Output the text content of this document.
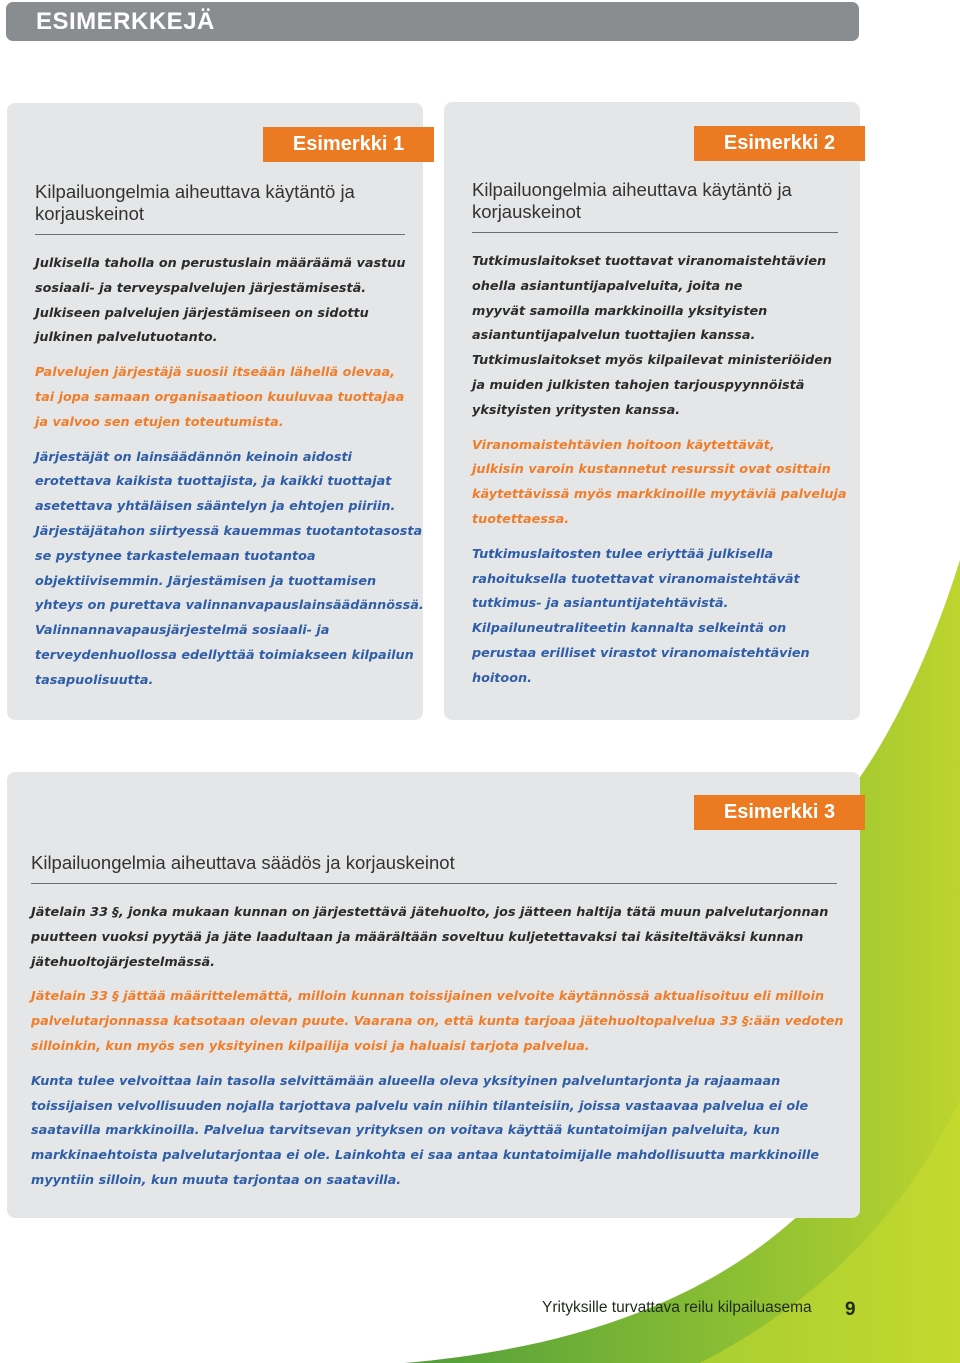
ESIMERKKEJÄ
Esimerkki 1
Kilpailuongelmia aiheuttava käytäntö ja
korjauskeinot

Julkisella taholla on perustuslain määräämä vastuu
sosiaali- ja terveyspalvelujen järjestämisestä.
Julkiseen palvelujen järjestämiseen on sidottu
julkinen palvelutuotanto.

Palvelujen järjestäjä suosii itseään lähellä olevaa,
tai jopa samaan organisaatioon kuuluvaa tuottajaa
ja valvoo sen etujen toteutumista.

Järjestäjät on lainsäädännön keinoin aidosti
erotettava kaikista tuottajista, ja kaikki tuottajat
asetettava yhtäläisen sääntelyn ja ehtojen piiriin.
Järjestäjätahon siirtyessä kauemmas tuotantotasosta
se pystynee tarkastelemaan tuotantoa
objektiivisemmin. Järjestämisen ja tuottamisen
yhteys on purettava valinnanvapauslainsäädännössä.
Valinnannavapausjärjestelmä sosiaali- ja
terveydenhuollossa edellyttää toimiakseen kilpailun
tasapuolisuutta.

Esimerkki 2
Kilpailuongelmia aiheuttava käytäntö ja
korjauskeinot

Tutkimuslaitokset tuottavat viranomaistehtävien
ohella asiantuntijapalveluita, joita ne
myyvät samoilla markkinoilla yksityisten
asiantuntijapalvelun tuottajien kanssa.
Tutkimuslaitokset myös kilpailevat ministeriöiden
ja muiden julkisten tahojen tarjouspyynnöistä
yksityisten yritysten kanssa.

Viranomaistehtävien hoitoon käytettävät,
julkisin varoin kustannetut resurssit ovat osittain
käytettävissä myös markkinoille myytäviä palveluja
tuotettaessa.

Tutkimuslaitosten tulee eriyttää julkisella
rahoituksella tuotettavat viranomaistehtävät
tutkimus- ja asiantuntijatehtävistä.
Kilpailuneutraliteetin kannalta selkeintä on
perustaa erilliset virastot viranomaistehtävien
hoitoon.

Esimerkki 3
Kilpailuongelmia aiheuttava säädös ja korjauskeinot

Jätelain 33 §, jonka mukaan kunnan on järjestettävä jätehuolto, jos jätteen haltija tätä muun palvelutarjonnan
puutteen vuoksi pyytää ja jäte laadultaan ja määrältään soveltuu kuljetettavaksi tai käsiteltäväksi kunnan
jätehuoltojärjestelmässä.

Jätelain 33 § jättää määrittelemättä, milloin kunnan toissijainen velvoite käytännössä aktualisoituu eli milloin
palvelutarjonnassa katsotaan olevan puute. Vaarana on, että kunta tarjoaa jätehuoltopalvelua 33 §:ään vedoten
silloinkin, kun myös sen yksityinen kilpailija voisi ja haluaisi tarjota palvelua.

Kunta tulee velvoittaa lain tasolla selvittämään alueella oleva yksityinen palveluntarjonta ja rajaamaan
toissijaisen velvollisuuden nojalla tarjottava palvelu vain niihin tilanteisiin, joissa vastaavaa palvelua ei ole
saatavilla markkinoilla. Palvelua tarvitsevan yrityksen on voitava käyttää kuntatoimijan palveluita, kun
markkinaehtoista palvelutarjontaa ei ole. Lainkohta ei saa antaa kuntatoimijalle mahdollisuutta markkinoille
myyntiin silloin, kun muuta tarjontaa on saatavilla.

Yrityksille turvattava reilu kilpailuasema 9
